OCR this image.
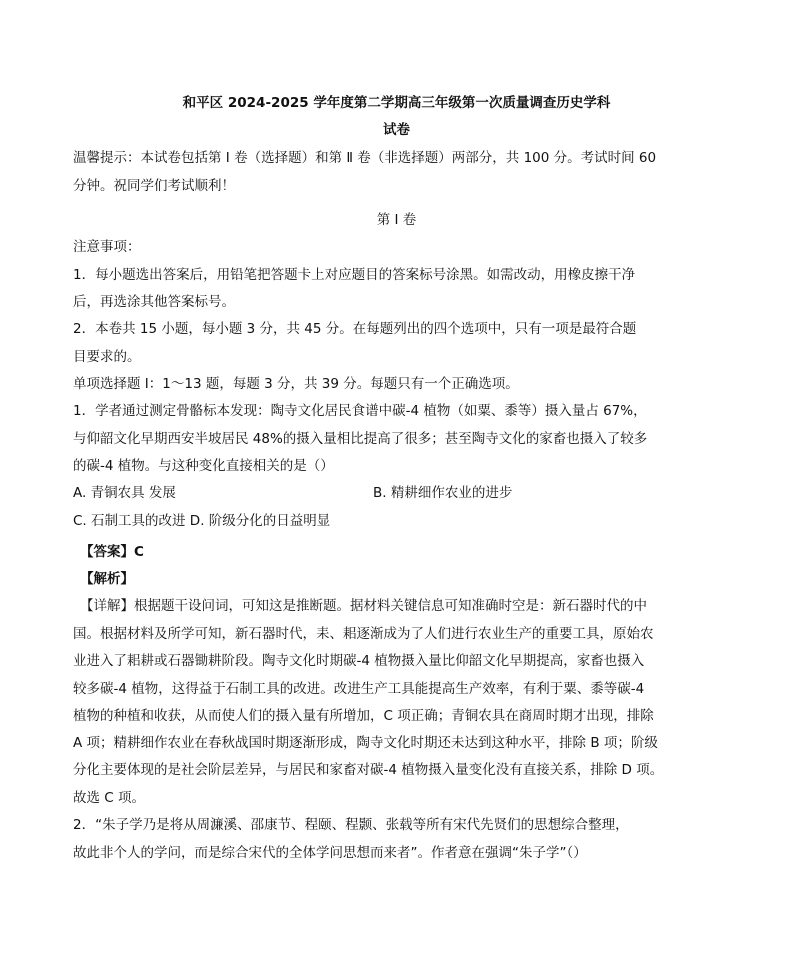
和平区 2024-2025 学年度第二学期高三年级第一次质量调查历史学科
试卷
温馨提示：本试卷包括第 Ⅰ 卷（选择题）和第 Ⅱ 卷（非选择题）两部分，共 100 分。考试时间 60
分钟。祝同学们考试顺利！
第 Ⅰ 卷
注意事项：
1．每小题选出答案后，用铅笔把答题卡上对应题目的答案标号涂黑。如需改动，用橡皮擦干净
后，再选涂其他答案标号。
2．本卷共 15 小题，每小题 3 分，共 45 分。在每题列出的四个选项中，只有一项是最符合题
目要求的。
单项选择题 Ⅰ：1～13 题，每题 3 分，共 39 分。每题只有一个正确选项。
1．学者通过测定骨骼标本发现：陶寺文化居民食谱中碳-4 植物（如粟、黍等）摄入量占 67%，
与仰韶文化早期西安半坡居民 48%的摄入量相比提高了很多；甚至陶寺文化的家畜也摄入了较多
的碳-4 植物。与这种变化直接相关的是（）
A. 青铜农具 发展	B. 精耕细作农业的进步
C. 石制工具的改进 D. 阶级分化的日益明显
【答案】C
【解析】
【详解】根据题干设问词，可知这是推断题。据材料关键信息可知准确时空是：新石器时代的中
国。根据材料及所学可知，新石器时代，耒、耜逐渐成为了人们进行农业生产的重要工具，原始农
业进入了耜耕或石器锄耕阶段。陶寺文化时期碳-4 植物摄入量比仰韶文化早期提高，家畜也摄入
较多碳-4 植物，这得益于石制工具的改进。改进生产工具能提高生产效率，有利于粟、黍等碳-4
植物的种植和收获，从而使人们的摄入量有所增加，C 项正确；青铜农具在商周时期才出现，排除
A 项；精耕细作农业在春秋战国时期逐渐形成，陶寺文化时期还未达到这种水平，排除 B 项；阶级
分化主要体现的是社会阶层差异，与居民和家畜对碳-4 植物摄入量变化没有直接关系，排除 D 项。
故选 C 项。
2．“朱子学乃是将从周濂溪、邵康节、程颐、程颢、张载等所有宋代先贤们的思想综合整理，
故此非个人的学问，而是综合宋代的全体学问思想而来者”。作者意在强调“朱子学”（）
